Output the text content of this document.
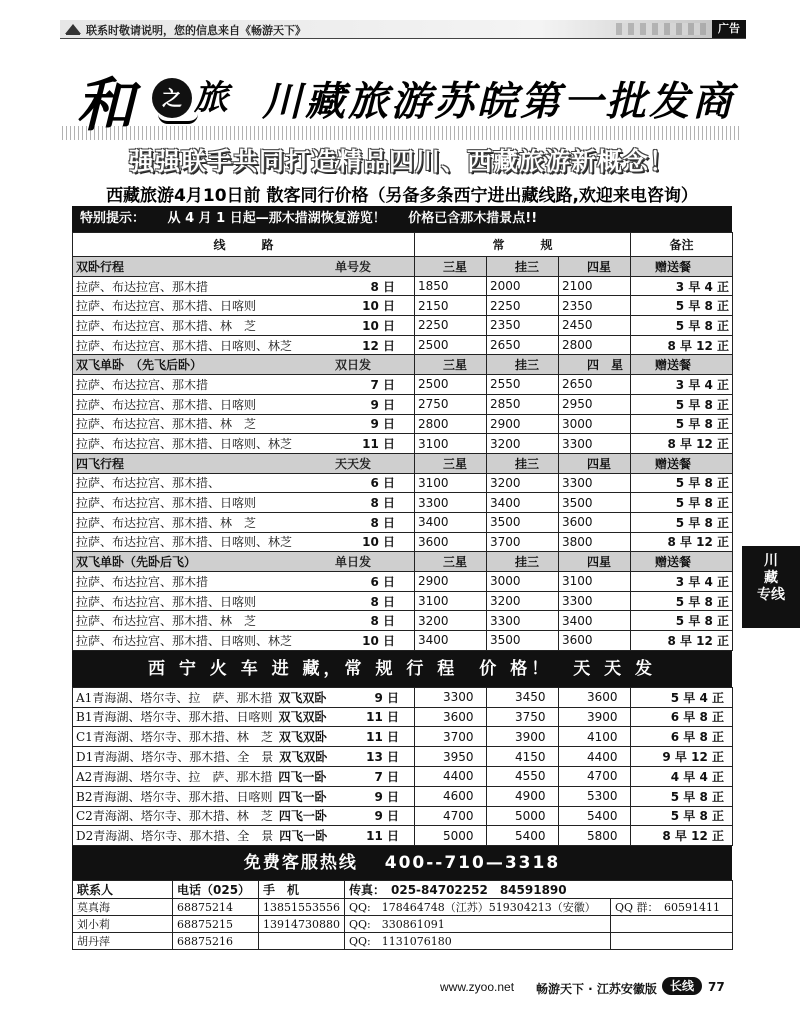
联系时敬请说明，您的信息来自《畅游天下》	广告
和	之 旅 川藏旅游苏皖第一批发商
强强联手共同打造精品四川、西藏旅游新概念！
西藏旅游4月10日前 散客同行价格（另备多条西宁进出藏线路,欢迎来电咨询）
特别提示： 从 4 月 1 日起—那木措湖恢复游览！ 价格已含那木措景点!!
线　　　路	常　　　规			备注

双卧行程 单号发	三星	挂三	四星	赠送餐

拉萨、布达拉宫、那木措 8 日	1850	2000	2100	3 早 4 正

拉萨、布达拉宫、那木措、日喀则 10 日	2150	2250	2350	5 早 8 正

拉萨、布达拉宫、那木措、林　芝 10 日	2250	2350	2450	5 早 8 正

拉萨、布达拉宫、那木措、日喀则、林芝 12 日	2500	2650	2800	8 早 12 正

双飞单卧　（先飞后卧） 双日发	三星	挂三	四　星	赠送餐

拉萨、布达拉宫、那木措 7 日	2500	2550	2650	3 早 4 正

拉萨、布达拉宫、那木措、日喀则 9 日	2750	2850	2950	5 早 8 正

拉萨、布达拉宫、那木措、林　芝 9 日	2800	2900	3000	5 早 8 正

拉萨、布达拉宫、那木措、日喀则、林芝 11 日	3100	3200	3300	8 早 12 正

四飞行程 天天发	三星	挂三	四星	赠送餐

拉萨、布达拉宫、那木措、 6 日	3100	3200	3300	5 早 8 正

拉萨、布达拉宫、那木措、日喀则 8 日	3300	3400	3500	5 早 8 正

拉萨、布达拉宫、那木措、林　芝 8 日	3400	3500	3600	5 早 8 正

拉萨、布达拉宫、那木措、日喀则、林芝 10 日	3600	3700	3800	8 早 12 正

双飞单卧（先卧后飞） 单日发	三星	挂三	四星	赠送餐

拉萨、布达拉宫、那木措 6 日	2900	3000	3100	3 早 4 正

拉萨、布达拉宫、那木措、日喀则 8 日	3100	3200	3300	5 早 8 正

拉萨、布达拉宫、那木措、林　芝 8 日	3200	3300	3400	5 早 8 正

拉萨、布达拉宫、那木措、日喀则、林芝 10 日	3400	3500	3600	8 早 12 正
西 宁 火 车 进 藏，常 规 行 程　价 格！　天 天 发
A1青海湖、塔尔寺、拉　萨、那木措 双飞双卧 9 日	3300	3450	3600	5 早 4 正
B1青海湖、塔尔寺、那木措、日喀则 双飞双卧 11 日	3600	3750	3900	6 早 8 正
C1青海湖、塔尔寺、那木措、林　芝 双飞双卧 11 日	3700	3900	4100	6 早 8 正
D1青海湖、塔尔寺、那木措、全　景 双飞双卧 13 日	3950	4150	4400	9 早 12 正
A2青海湖、塔尔寺、拉　萨、那木措 四飞一卧 7 日	4400	4550	4700	4 早 4 正
B2青海湖、塔尔寺、那木措、日喀则 四飞一卧 9 日	4600	4900	5300	5 早 8 正
C2青海湖、塔尔寺、那木措、林　芝 四飞一卧 9 日	4700	5000	5400	5 早 8 正
D2青海湖、塔尔寺、那木措、全　景 四飞一卧 11 日	5000	5400	5800	8 早 12 正
免费客服热线　 400--710—3318
联系人	电话（025）	手　机	传真：　025-84702252　84591890	
莫真海	68875214	13851553556	QQ:　178464748（江苏）519304213（安徽）	QQ 群：　60591411
刘小莉	68875215	13914730880	QQ:　330861091	
胡丹萍	68875216		QQ:　1131076180	
川
藏
专线
www.zyoo.net 畅游天下 · 江苏安徽版	长线	77
